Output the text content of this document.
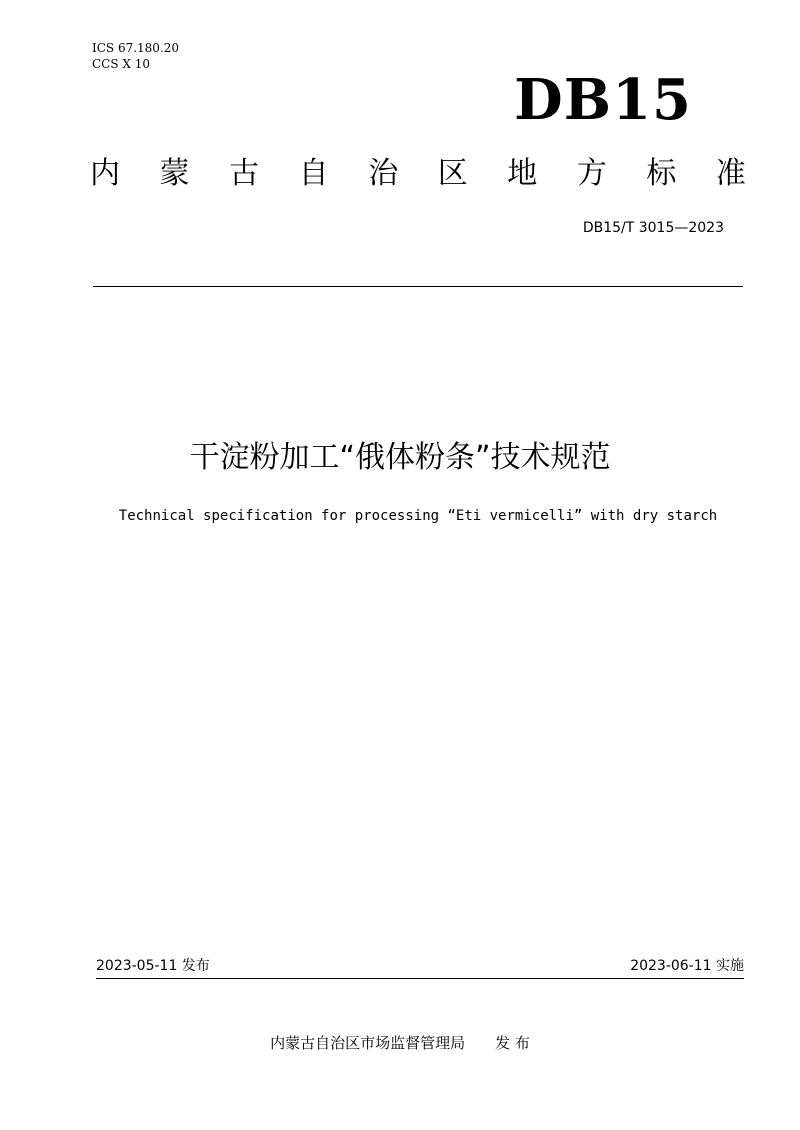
ICS 67.180.20
CCS X 10
DB15
内 蒙 古 自 治 区 地 方 标 准
DB15/T 3015—2023
干淀粉加工“俄体粉条”技术规范
Technical specification for processing “Eti vermicelli” with dry starch
2023-05-11 发布	2023-06-11 实施
内蒙古自治区市场监督管理局 发 布
